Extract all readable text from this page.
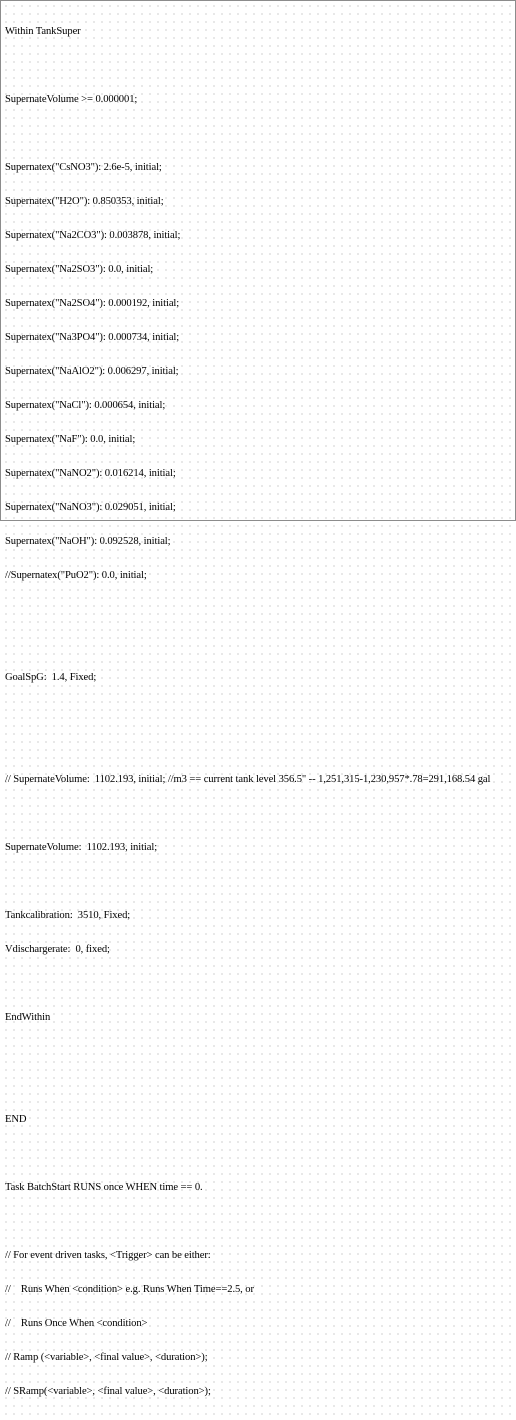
Within TankSuper

SupernateVolume >= 0.000001;

Supernatex("CsNO3"): 2.6e-5, initial;

Supernatex("H2O"): 0.850353, initial;

Supernatex("Na2CO3"): 0.003878, initial;

Supernatex("Na2SO3"): 0.0, initial;

Supernatex("Na2SO4"): 0.000192, initial;

Supernatex("Na3PO4"): 0.000734, initial;

Supernatex("NaAlO2"): 0.006297, initial;

Supernatex("NaCl"): 0.000654, initial;

Supernatex("NaF"): 0.0, initial;

Supernatex("NaNO2"): 0.016214, initial;

Supernatex("NaNO3"): 0.029051, initial;

Supernatex("NaOH"): 0.092528, initial;

//Supernatex("PuO2"): 0.0, initial;

GoalSpG:  1.4, Fixed;

// SupernateVolume:  1102.193, initial; //m3 == current tank level 356.5" -- 1,251,315-1,230,957*.78=291,168.54 gal

SupernateVolume:  1102.193, initial;

Tankcalibration:  3510, Fixed;

Vdischargerate:  0, fixed;

EndWithin

END

Task BatchStart RUNS once WHEN time == 0.

// For event driven tasks, <Trigger> can be either:

//    Runs When <condition> e.g. Runs When Time==2.5, or

//    Runs Once When <condition>

// Ramp (<variable>, <final value>, <duration>);

// SRamp(<variable>, <final value>, <duration>);
